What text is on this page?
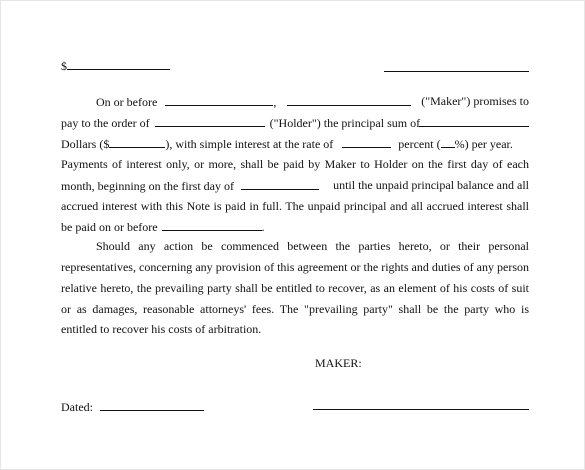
$
On or before	,	("Maker") promises to
pay to the order of	("Holder") the principal sum of
Dollars ($	), with simple interest at the rate of	percent ( %) per year.
Payments of interest only, or more, shall be paid by Maker to Holder on the first day of each
month, beginning on the first day of	until the unpaid principal balance and all
accrued interest with this Note is paid in full. The unpaid principal and all accrued interest shall
be paid on or before	.
Should any action be commenced between the parties hereto, or their personal
representatives, concerning any provision of this agreement or the rights and duties of any person
relative hereto, the prevailing party shall be entitled to recover, as an element of his costs of suit
or as damages, reasonable attorneys' fees. The "prevailing party" shall be the party who is
entitled to recover his costs of arbitration.
MAKER:
Dated:
